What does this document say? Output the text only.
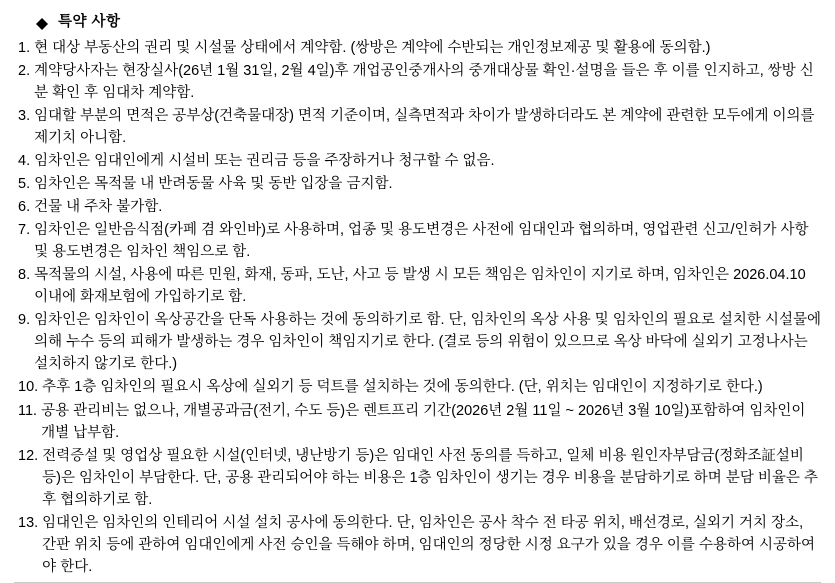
특약 사항
1. 현 대상 부동산의 권리 및 시설물 상태에서 계약함. (쌍방은 계약에 수반되는 개인정보제공 및 활용에 동의함.)
2. 계약당사자는 현장실사(26년 1월 31일, 2월 4일)후 개업공인중개사의 중개대상물 확인·설명을 들은 후 이를 인지하고, 쌍방 신분 확인 후 임대차 계약함.
3. 임대할 부분의 면적은 공부상(건축물대장) 면적 기준이며, 실측면적과 차이가 발생하더라도 본 계약에 관련한 모두에게 이의를 제기치 아니함.
4. 임차인은 임대인에게 시설비 또는 권리금 등을 주장하거나 청구할 수 없음.
5. 임차인은 목적물 내 반려동물 사육 및 동반 입장을 금지함.
6. 건물 내 주차 불가함.
7. 임차인은 일반음식점(카페 겸 와인바)로 사용하며, 업종 및 용도변경은 사전에 임대인과 협의하며, 영업관련 신고/인허가 사항 및 용도변경은 임차인 책임으로 함.
8. 목적물의 시설, 사용에 따른 민원, 화재, 동파, 도난, 사고 등 발생 시 모든 책임은 임차인이 지기로 하며, 임차인은 2026.04.10 이내에 화재보험에 가입하기로 함.
9. 임차인은 임차인이 옥상공간을 단독 사용하는 것에 동의하기로 함. 단, 임차인의 옥상 사용 및 임차인의 필요로 설치한 시설물에 의해 누수 등의 피해가 발생하는 경우 임차인이 책임지기로 한다. (결로 등의 위험이 있으므로 옥상 바닥에 실외기 고정나사는 설치하지 않기로 한다.)
10. 추후 1층 임차인의 필요시 옥상에 실외기 등 덕트를 설치하는 것에 동의한다. (단, 위치는 임대인이 지정하기로 한다.)
11. 공용 관리비는 없으나, 개별공과금(전기, 수도 등)은 렌트프리 기간(2026년 2월 11일 ~ 2026년 3월 10일)포함하여 임차인이 개별 납부함.
12. 전력증설 및 영업상 필요한 시설(인터넷, 냉난방기 등)은 임대인 사전 동의를 득하고, 일체 비용 원인자부담금(정화조証설비 등)은 임차인이 부담한다. 단, 공용 관리되어야 하는 비용은 1층 임차인이 생기는 경우 비용을 분담하기로 하며 분담 비율은 추후 협의하기로 함.
13. 임대인은 임차인의 인테리어 시설 설치 공사에 동의한다. 단, 임차인은 공사 착수 전 타공 위치, 배선경로, 실외기 거치 장소, 간판 위치 등에 관하여 임대인에게 사전 승인을 득해야 하며, 임대인의 정당한 시정 요구가 있을 경우 이를 수용하여 시공하여야 한다.
